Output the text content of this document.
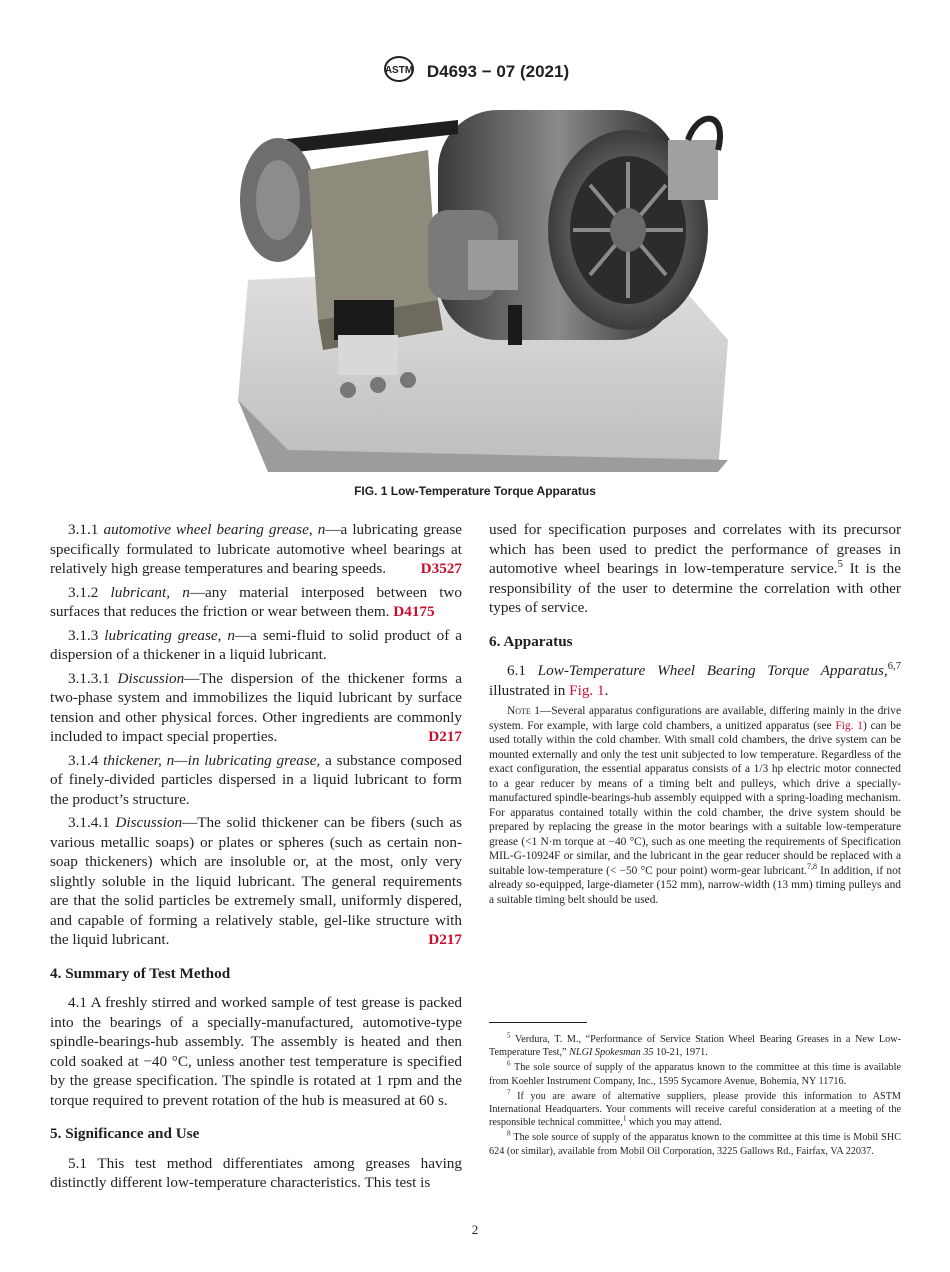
ASTM D4693 − 07 (2021)
FIG. 1 Low-Temperature Torque Apparatus

3.1.1 automotive wheel bearing grease, n—a lubricating grease specifically formulated to lubricate automotive wheel bearings at relatively high grease temperatures and bearing speeds. D3527

3.1.2 lubricant, n—any material interposed between two surfaces that reduces the friction or wear between them. D4175

3.1.3 lubricating grease, n—a semi-fluid to solid product of a dispersion of a thickener in a liquid lubricant.

3.1.3.1 Discussion—The dispersion of the thickener forms a two-phase system and immobilizes the liquid lubricant by surface tension and other physical forces. Other ingredients are commonly included to impact special properties.	D217

3.1.4 thickener, n—in lubricating grease, a substance composed of finely-divided particles dispersed in a liquid lubricant to form the product’s structure.

3.1.4.1 Discussion—The solid thickener can be fibers (such as various metallic soaps) or plates or spheres (such as certain non-soap thickeners) which are insoluble or, at the most, only very slightly soluble in the liquid lubricant. The general requirements are that the solid particles be extremely small, uniformly dispered, and capable of forming a relatively stable, gel-like structure with the liquid lubricant.	D217

4. Summary of Test Method

4.1 A freshly stirred and worked sample of test grease is packed into the bearings of a specially-manufactured, automotive-type spindle-bearings-hub assembly. The assembly is heated and then cold soaked at −40 °C, unless another test temperature is specified by the grease specification. The spindle is rotated at 1 rpm and the torque required to prevent rotation of the hub is measured at 60 s.

5. Significance and Use

5.1 This test method differentiates among greases having distinctly different low-temperature characteristics. This test is

used for specification purposes and correlates with its precursor which has been used to predict the performance of greases in automotive wheel bearings in low-temperature service.$^5$ It is the responsibility of the user to determine the correlation with other types of service.

6. Apparatus

6.1 Low-Temperature Wheel Bearing Torque Apparatus,$^{6,7}$ illustrated in Fig. 1.

Note 1—Several apparatus configurations are available, differing mainly in the drive system. For example, with large cold chambers, a unitized apparatus (see Fig. 1) can be used totally within the cold chamber. With small cold chambers, the drive system can be mounted externally and only the test unit subjected to low temperature. Regardless of the exact configuration, the essential apparatus consists of a 1/3 hp electric motor connected to a gear reducer by means of a timing belt and pulleys, which drive a specially-manufactured spindle-bearings-hub assembly equipped with a spring-loading mechanism. For apparatus contained totally within the cold chamber, the drive system should be prepared by replacing the grease in the motor bearings with a suitable low-temperature grease (<1 N·m torque at −40 °C), such as one meeting the requirements of Specification MIL-G-10924F or similar, and the lubricant in the gear reducer should be replaced with a suitable low-temperature (< −50 °C pour point) worm-gear lubricant.$^{7,8}$ In addition, if not already so-equipped, large-diameter (152 mm), narrow-width (13 mm) timing pulleys and a suitable timing belt should be used.

$^5$ Verdura, T. M., “Performance of Service Station Wheel Bearing Greases in a New Low-Temperature Test,” NLGI Spokesman 35 10-21, 1971.

$^6$ The sole source of supply of the apparatus known to the committee at this time is available from Koehler Instrument Company, Inc., 1595 Sycamore Avenue, Bohemia, NY 11716.

$^7$ If you are aware of alternative suppliers, please provide this information to ASTM International Headquarters. Your comments will receive careful consideration at a meeting of the responsible technical committee,$^1$ which you may attend.

$^8$ The sole source of supply of the apparatus known to the committee at this time is Mobil SHC 624 (or similar), available from Mobil Oil Corporation, 3225 Gallows Rd., Fairfax, VA 22037.

2
